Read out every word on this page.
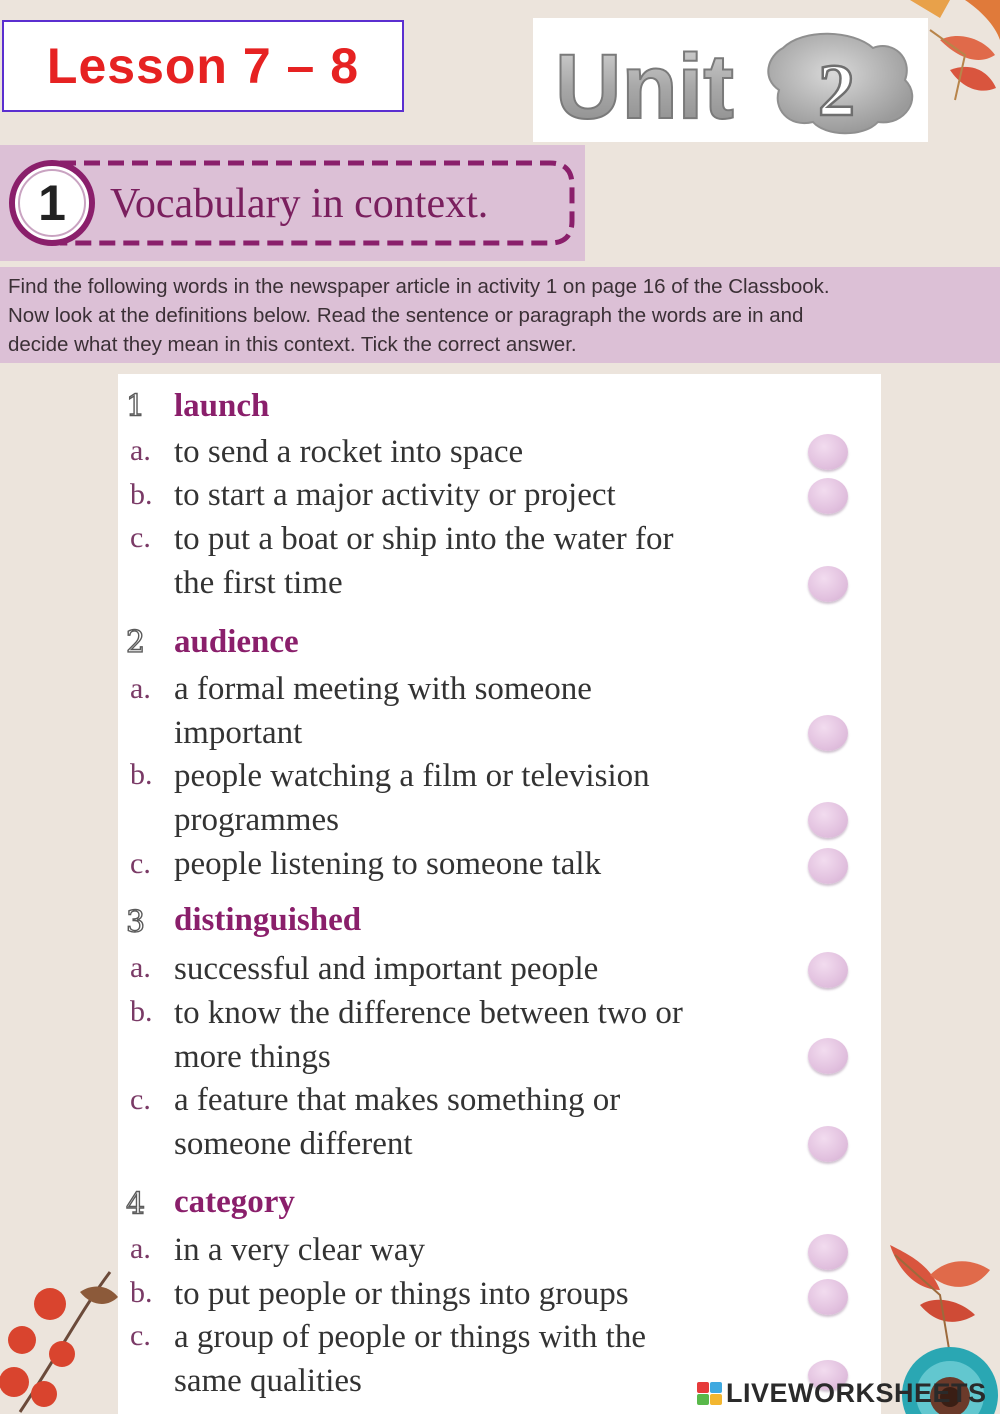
Lesson 7 – 8 Unit 2
1 Vocabulary in context.
Find the following words in the newspaper article in activity 1 on page 16 of the Classbook.
Now look at the definitions below. Read the sentence or paragraph the words are in and
decide what they mean in this context. Tick the correct answer.
1 launch
a. to send a rocket into space
b. to start a major activity or project
c. to put a boat or ship into the water for
the first time
2 audience
a. a formal meeting with someone
important
b. people watching a film or television
programmes
c. people listening to someone talk
3 distinguished
a. successful and important people
b. to know the difference between two or
more things
c. a feature that makes something or
someone different
4 category
a. in a very clear way
b. to put people or things into groups
c. a group of people or things with the
same qualities	LIVEWORKSHEETS
